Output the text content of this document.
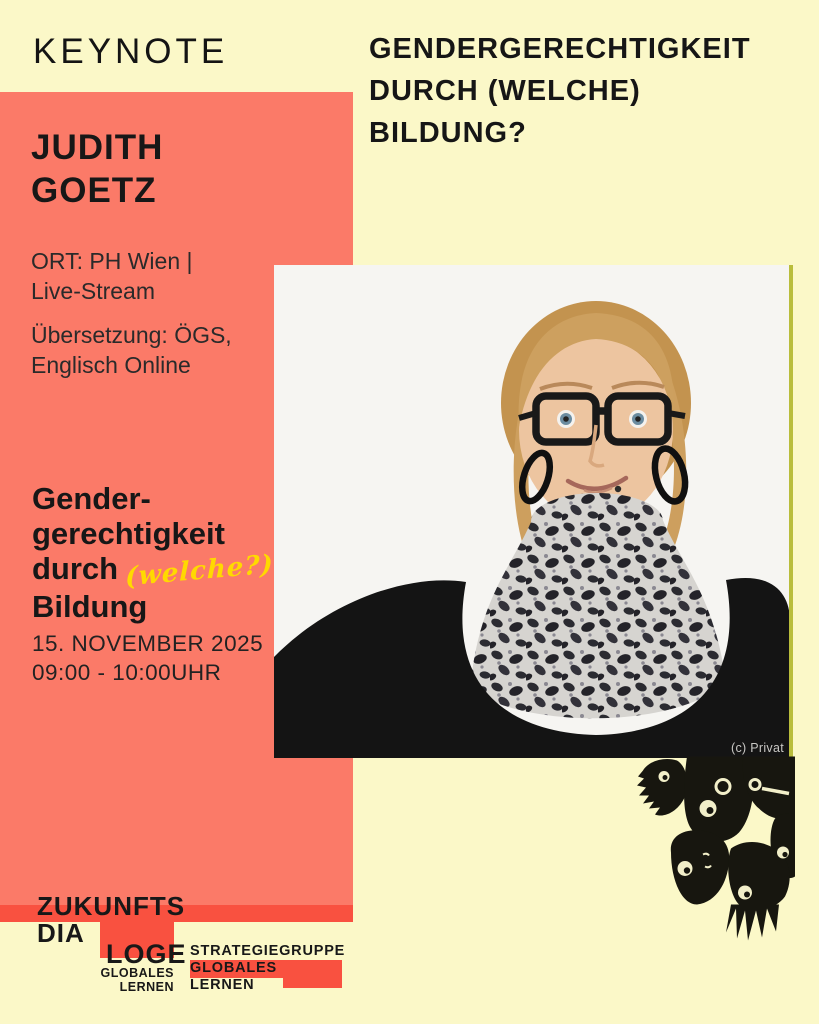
KEYNOTE	GENDERGERECHTIGKEIT
DURCH (WELCHE)
BILDUNG?
JUDITH
GOETZ
ORT: PH Wien |
Live-Stream
Übersetzung: ÖGS,
Englisch Online
Gender-
gerechtigkeit
durch (welche?)
Bildung
15. NOVEMBER 2025
09:00 - 10:00UHR
(c) Privat
ZUKUNFTS
DIA
LOGE
GLOBALES
LERNEN
STRATEGIEGRUPPE
GLOBALES
LERNEN
